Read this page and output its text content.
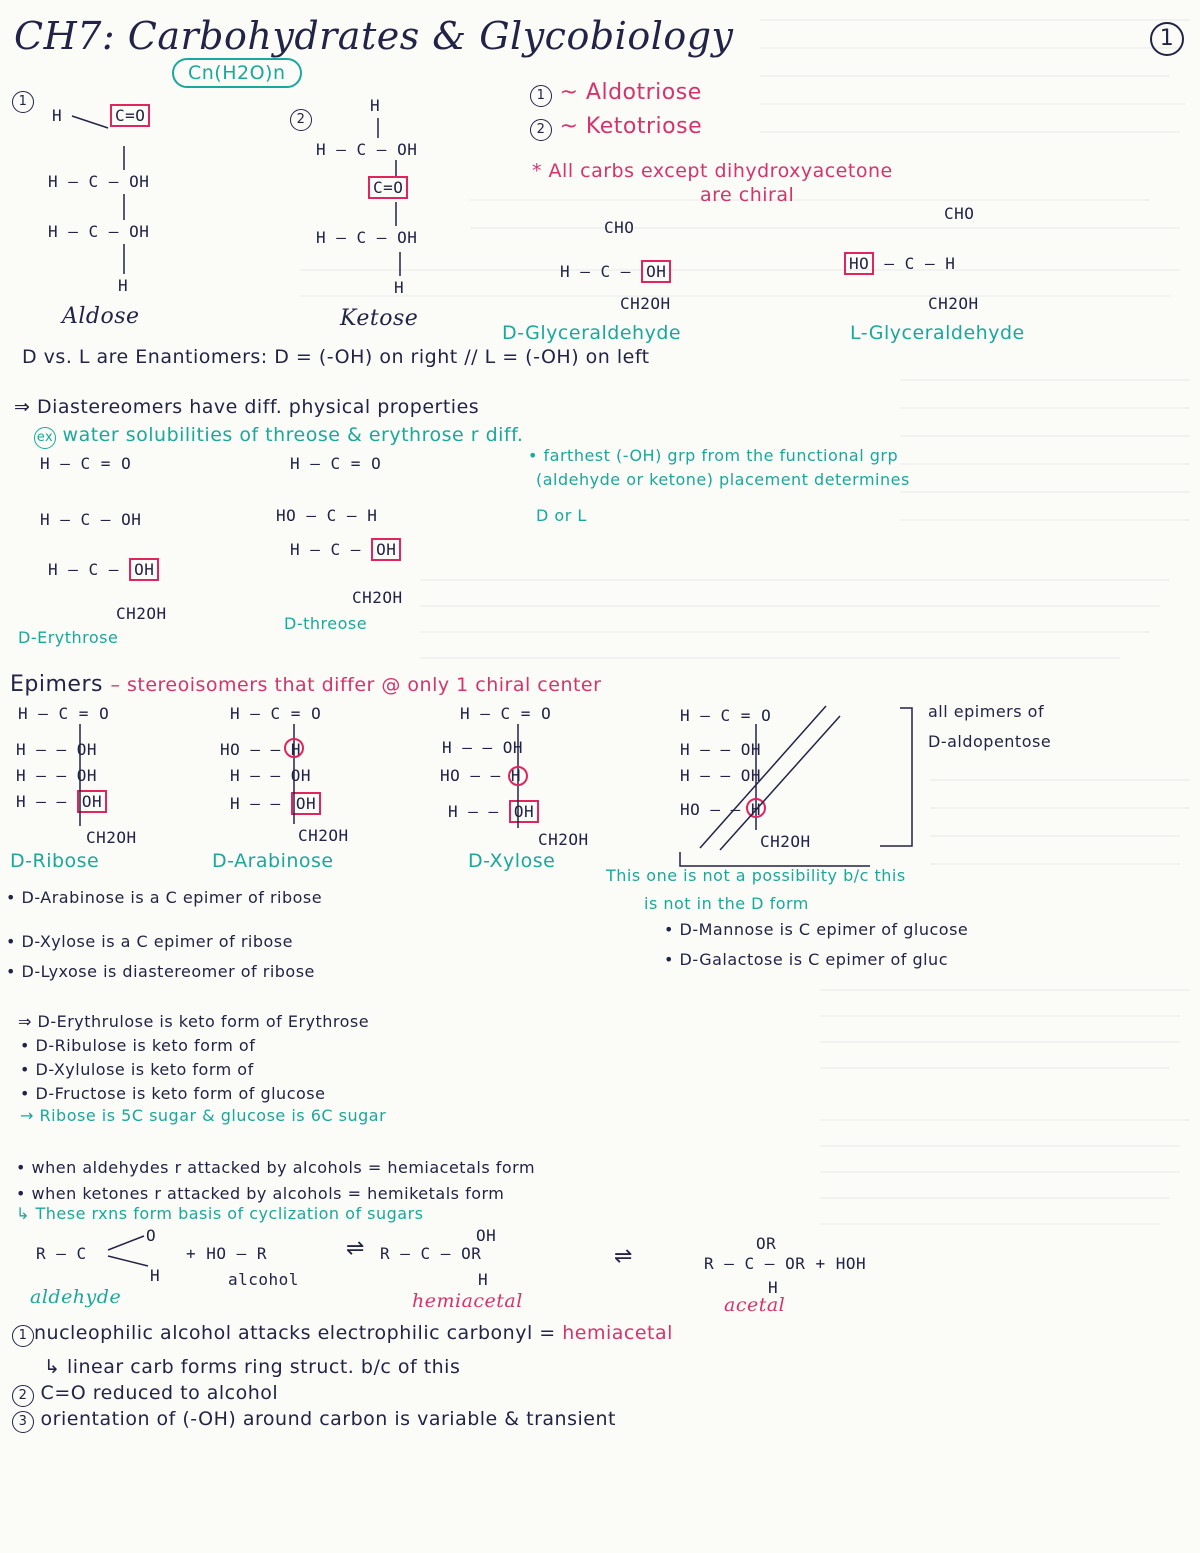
CH7: Carbohydrates & Glycobiology	1
Cn(H2O)n
1
H	C=O
H — C — OH
H — C — OH
H
Aldose
2
H
H — C — OH
C=O
H — C — OH
H
Ketose
1 ~ Aldotriose
2 ~ Ketotriose
* All carbs except dihydroxyacetone
are chiral
CHO
H — C — OH
CH2OH
D-Glyceraldehyde
CHO
HO — C — H
CH2OH
L-Glyceraldehyde
D vs. L are Enantiomers: D = (-OH) on right // L = (-OH) on left
⇒ Diastereomers have diff. physical properties
ex water solubilities of threose & erythrose r diff.
H — C = O
H — C — OH
H — C — OH
CH2OH
D-Erythrose
H — C = O
HO — C — H
H — C — OH
CH2OH
D-threose
• farthest (-OH) grp from the functional grp
(aldehyde or ketone) placement determines
D or L
Epimers – stereoisomers that differ @ only 1 chiral center
H — C = O
H — — OH
H — — OH
H — — OH
CH2OH
D-Ribose
H — C = O
HO — — H
H — — OH
H — — OH
CH2OH
D-Arabinose
H — C = O
H — — OH
HO — — H
H — — OH
CH2OH
D-Xylose
H — C = O
H — — OH
H — — OH
HO — — H
CH2OH
all epimers of
D-aldopentose
This one is not a possibility b/c this
is not in the D form
• D-Arabinose is a C epimer of ribose
• D-Xylose is a C epimer of ribose
• D-Lyxose is diastereomer of ribose
• D-Mannose is C epimer of glucose
• D-Galactose is C epimer of gluc
⇒ D-Erythrulose is keto form of Erythrose
• D-Ribulose is keto form of
• D-Xylulose is keto form of
• D-Fructose is keto form of glucose
→ Ribose is 5C sugar & glucose is 6C sugar
• when aldehydes r attacked by alcohols = hemiacetals form
• when ketones r attacked by alcohols = hemiketals form
↳ These rxns form basis of cyclization of sugars
R — C
O
H
+ HO — R
alcohol
⇌ R — C — OR
OH
H
⇌	R — C — OR + HOH
OR
H
aldehyde	hemiacetal	acetal
1 nucleophilic alcohol attacks electrophilic carbonyl = hemiacetal
↳ linear carb forms ring struct. b/c of this
2 C=O reduced to alcohol
3 orientation of (-OH) around carbon is variable & transient
